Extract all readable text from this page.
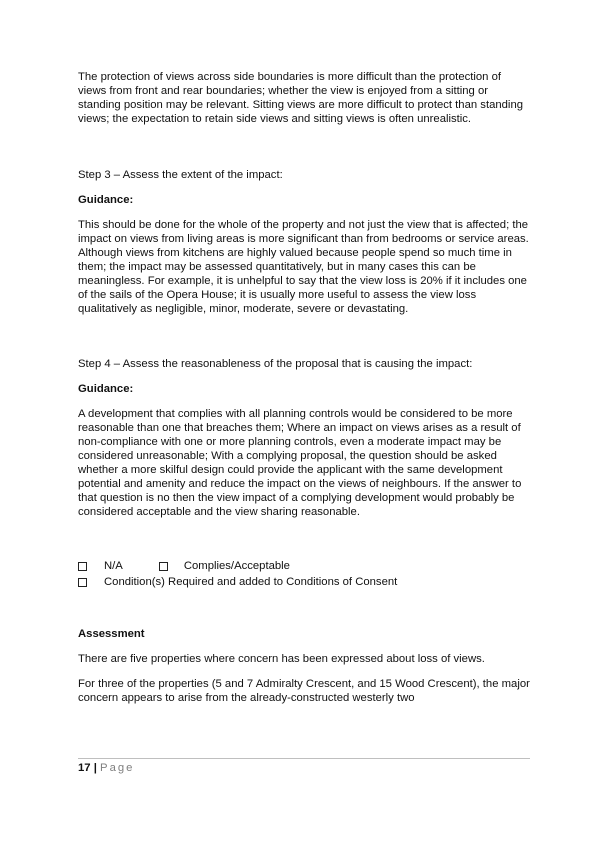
The protection of views across side boundaries is more difficult than the protection of views from front and rear boundaries; whether the view is enjoyed from a sitting or standing position may be relevant. Sitting views are more difficult to protect than standing views; the expectation to retain side views and sitting views is often unrealistic.

Step 3 – Assess the extent of the impact:

Guidance:

This should be done for the whole of the property and not just the view that is affected; the impact on views from living areas is more significant than from bedrooms or service areas. Although views from kitchens are highly valued because people spend so much time in them; the impact may be assessed quantitatively, but in many cases this can be meaningless. For example, it is unhelpful to say that the view loss is 20% if it includes one of the sails of the Opera House; it is usually more useful to assess the view loss qualitatively as negligible, minor, moderate, severe or devastating.

Step 4 – Assess the reasonableness of the proposal that is causing the impact:

Guidance:

A development that complies with all planning controls would be considered to be more reasonable than one that breaches them; Where an impact on views arises as a result of non-compliance with one or more planning controls, even a moderate impact may be considered unreasonable; With a complying proposal, the question should be asked whether a more skilful design could provide the applicant with the same development potential and amenity and reduce the impact on the views of neighbours. If the answer to that question is no then the view impact of a complying development would probably be considered acceptable and the view sharing reasonable.

N/A	Complies/Acceptable
Condition(s) Required and added to Conditions of Consent

Assessment

There are five properties where concern has been expressed about loss of views.

For three of the properties (5 and 7 Admiralty Crescent, and 15 Wood Crescent), the major concern appears to arise from the already-constructed westerly two

17 | Page
